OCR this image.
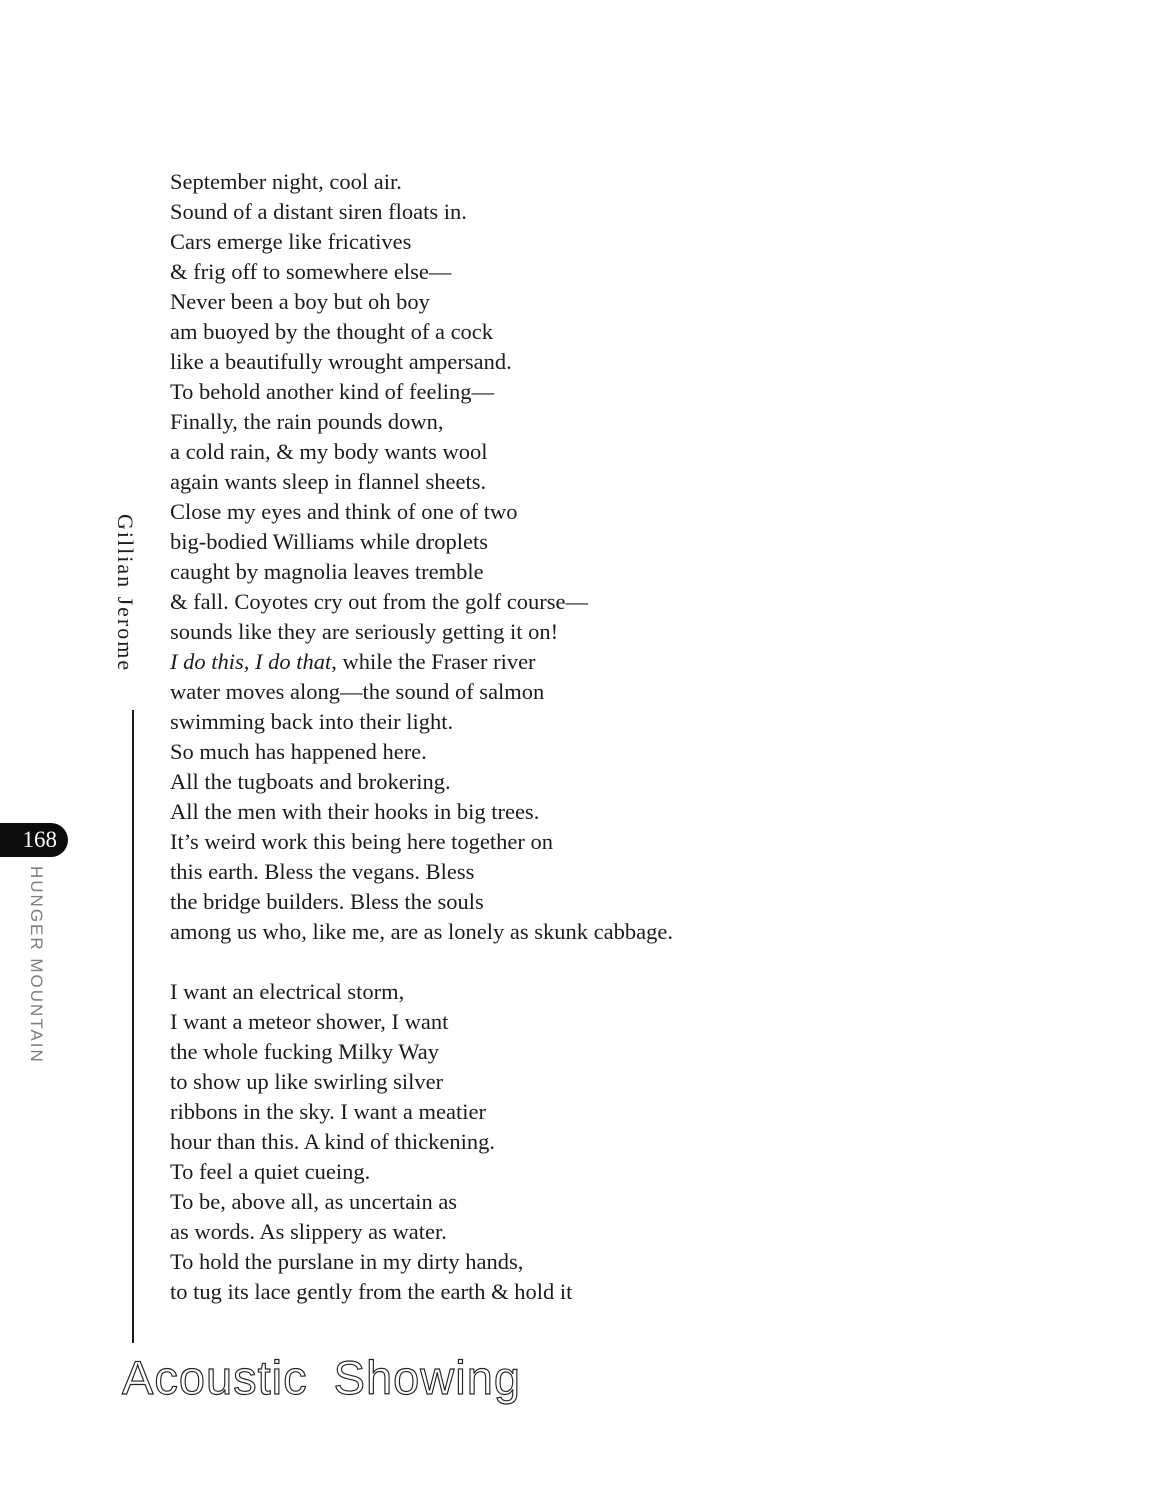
September night, cool air.
Sound of a distant siren floats in.
Cars emerge like fricatives
& frig off to somewhere else—
Never been a boy but oh boy
am buoyed by the thought of a cock
like a beautifully wrought ampersand.
To behold another kind of feeling—
Finally, the rain pounds down,
a cold rain, & my body wants wool
again wants sleep in flannel sheets.
Close my eyes and think of one of two
big-bodied Williams while droplets
caught by magnolia leaves tremble
& fall. Coyotes cry out from the golf course—
sounds like they are seriously getting it on!
I do this, I do that, while the Fraser river
water moves along—the sound of salmon
swimming back into their light.
So much has happened here.
All the tugboats and brokering.
All the men with their hooks in big trees.
It’s weird work this being here together on
this earth. Bless the vegans. Bless
the bridge builders. Bless the souls
among us who, like me, are as lonely as skunk cabbage.
I want an electrical storm,
I want a meteor shower, I want
the whole fucking Milky Way
to show up like swirling silver
ribbons in the sky. I want a meatier
hour than this. A kind of thickening.
To feel a quiet cueing.
To be, above all, as uncertain as
as words. As slippery as water.
To hold the purslane in my dirty hands,
to tug its lace gently from the earth & hold it
Gillian Jerome
168
HUNGER MOUNTAIN
Acoustic Showing
